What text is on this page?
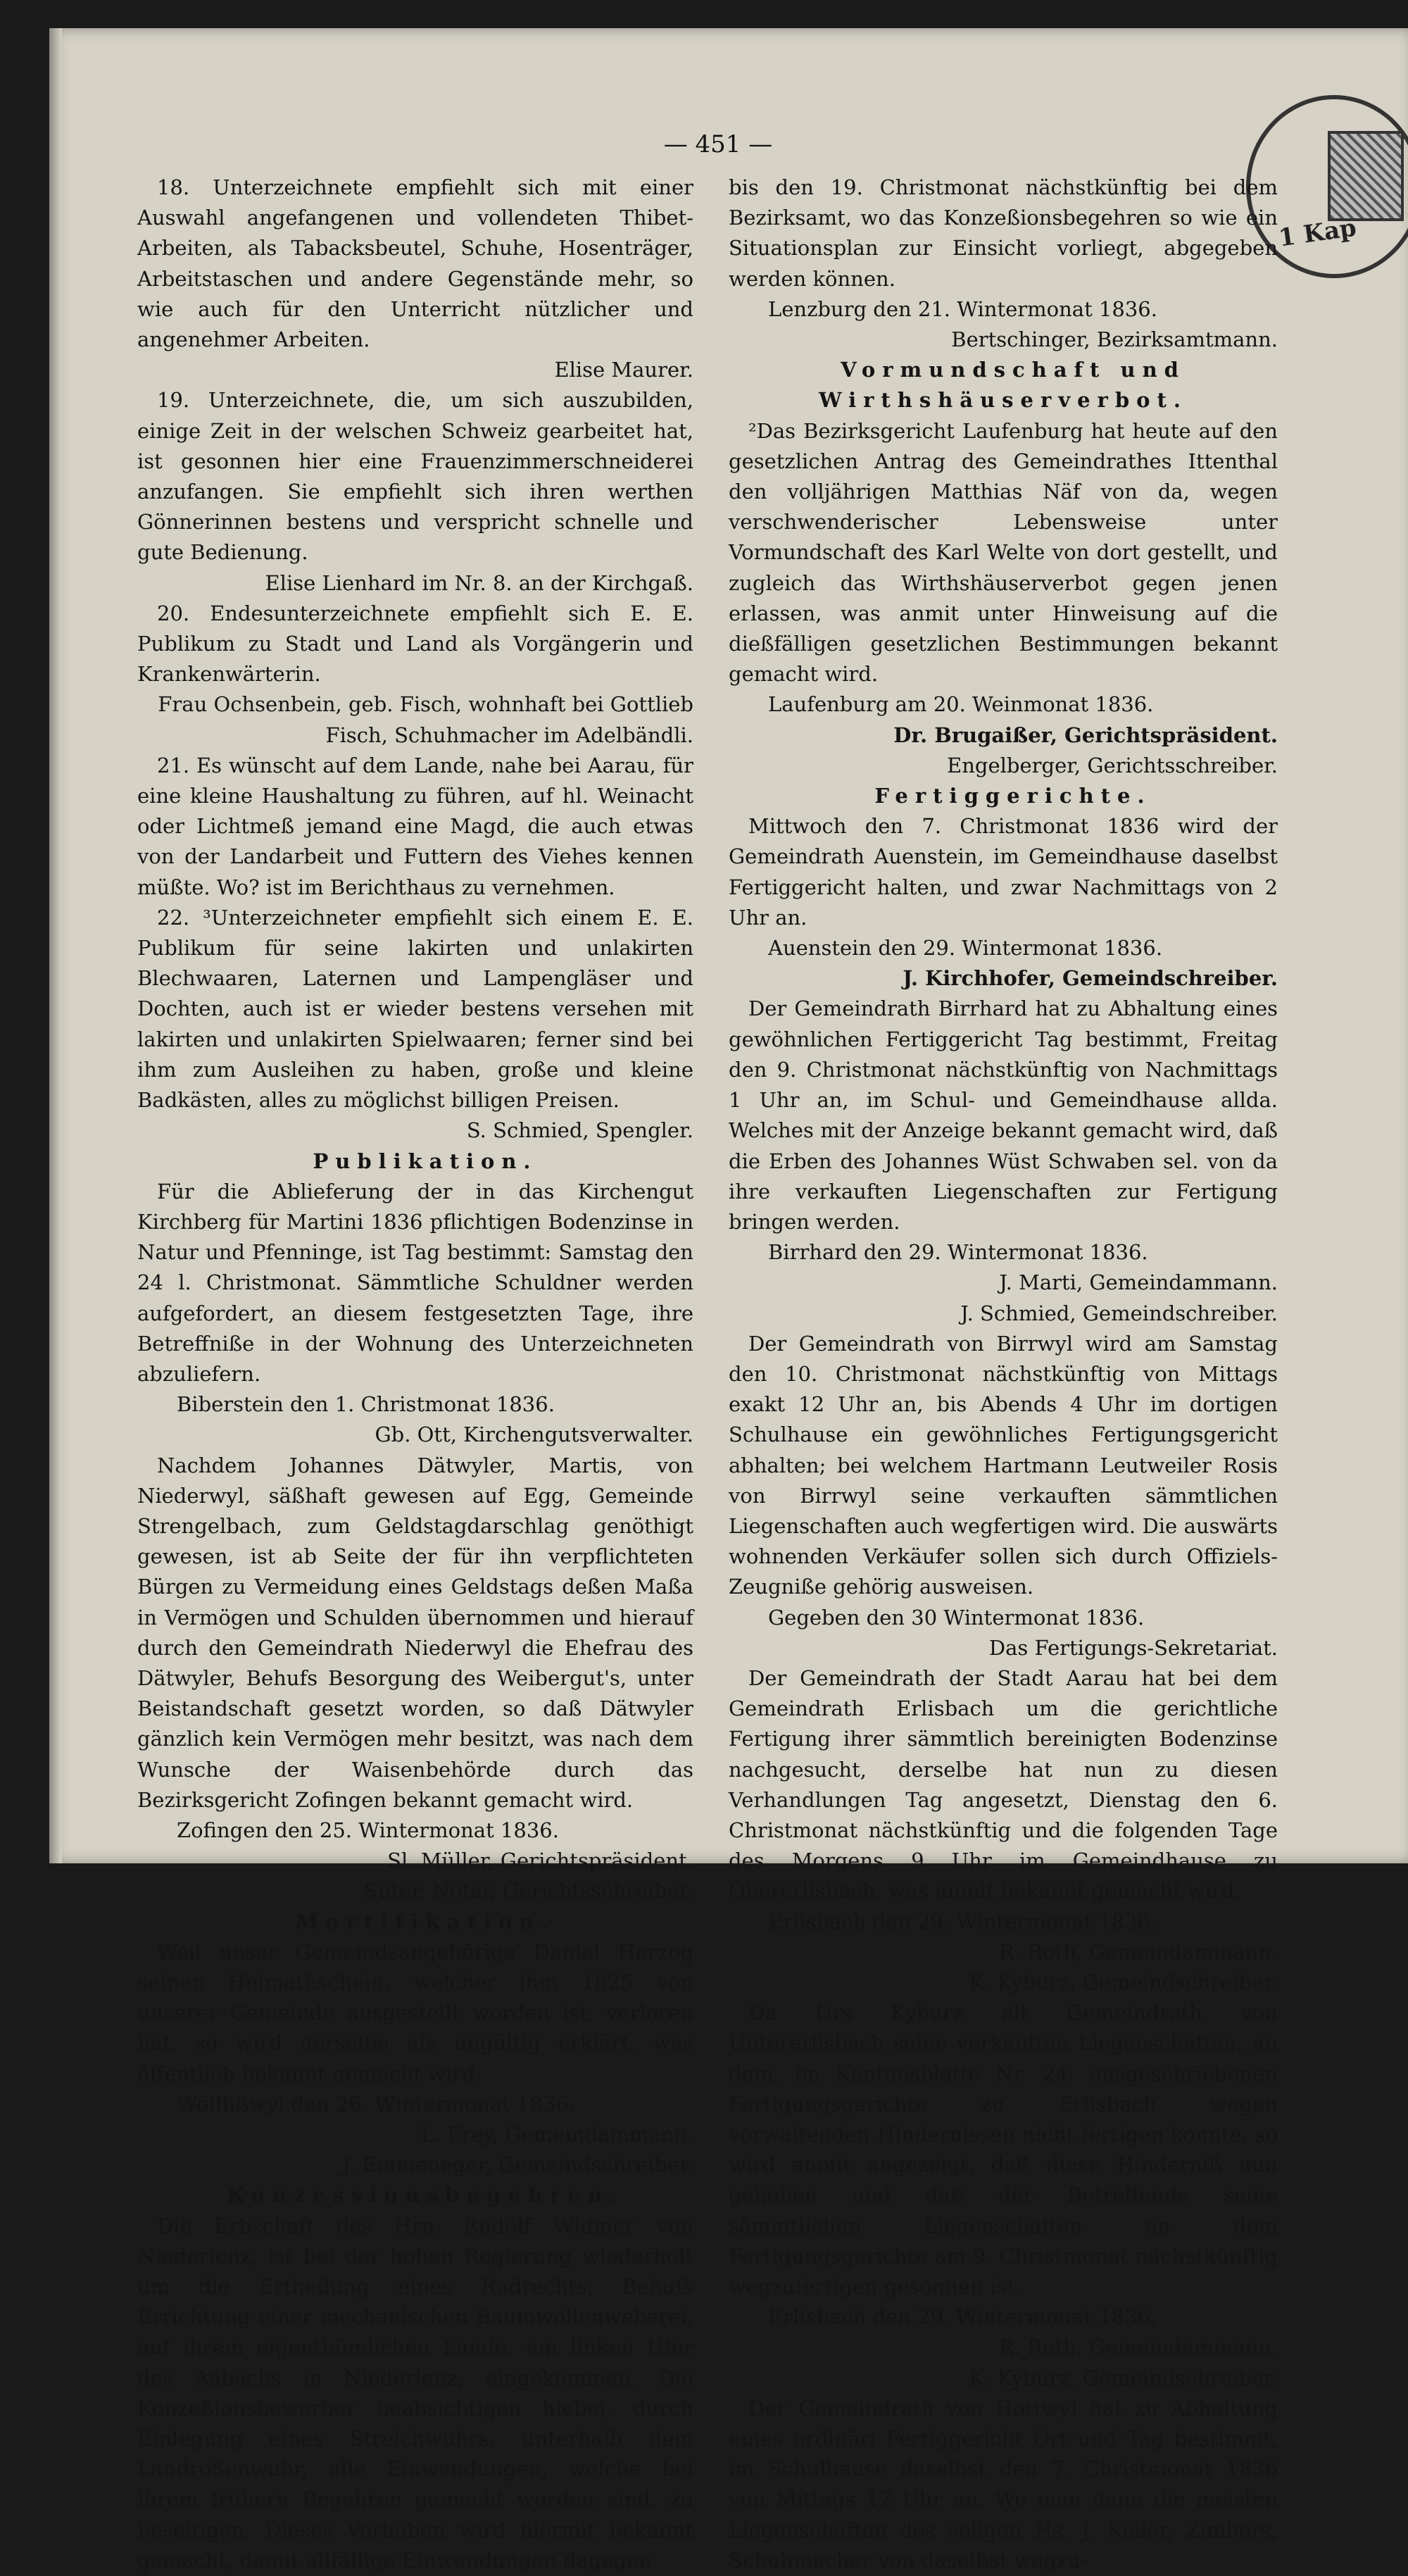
1 Kap
— 451 —

18. Unterzeichnete empfiehlt sich mit einer Auswahl angefangenen und vollendeten Thibet-Arbeiten, als Tabacksbeutel, Schuhe, Hosenträger, Arbeitstaschen und andere Gegenstände mehr, so wie auch für den Unterricht nützlicher und angenehmer Arbeiten.

Elise Maurer.

19. Unterzeichnete, die, um sich auszubilden, einige Zeit in der welschen Schweiz gearbeitet hat, ist gesonnen hier eine Frauenzimmerschneiderei anzufangen. Sie empfiehlt sich ihren werthen Gönnerinnen bestens und verspricht schnelle und gute Bedienung.

Elise Lienhard im Nr. 8. an der Kirchgaß.

20. Endesunterzeichnete empfiehlt sich E. E. Publikum zu Stadt und Land als Vorgängerin und Krankenwärterin.

Frau Ochsenbein, geb. Fisch, wohnhaft bei Gottlieb Fisch, Schuhmacher im Adelbändli.

21. Es wünscht auf dem Lande, nahe bei Aarau, für eine kleine Haushaltung zu führen, auf hl. Weinacht oder Lichtmeß jemand eine Magd, die auch etwas von der Landarbeit und Futtern des Viehes kennen müßte. Wo? ist im Berichthaus zu vernehmen.

22. ³Unterzeichneter empfiehlt sich einem E. E. Publikum für seine lakirten und unlakirten Blechwaaren, Laternen und Lampengläser und Dochten, auch ist er wieder bestens versehen mit lakirten und unlakirten Spielwaaren; ferner sind bei ihm zum Ausleihen zu haben, große und kleine Badkästen, alles zu möglichst billigen Preisen.

S. Schmied, Spengler.

Publikation.

Für die Ablieferung der in das Kirchengut Kirchberg für Martini 1836 pflichtigen Bodenzinse in Natur und Pfenninge, ist Tag bestimmt: Samstag den 24 l. Christmonat. Sämmtliche Schuldner werden aufgefordert, an diesem festgesetzten Tage, ihre Betreffniße in der Wohnung des Unterzeichneten abzuliefern.

Biberstein den 1. Christmonat 1836.

Gb. Ott, Kirchengutsverwalter.

Nachdem Johannes Dätwyler, Martis, von Niederwyl, säßhaft gewesen auf Egg, Gemeinde Strengelbach, zum Geldstagdarschlag genöthigt gewesen, ist ab Seite der für ihn verpflichteten Bürgen zu Vermeidung eines Geldstags deßen Maßa in Vermögen und Schulden übernommen und hierauf durch den Gemeindrath Niederwyl die Ehefrau des Dätwyler, Behufs Besorgung des Weibergut's, unter Beistandschaft gesetzt worden, so daß Dätwyler gänzlich kein Vermögen mehr besitzt, was nach dem Wunsche der Waisenbehörde durch das Bezirksgericht Zofingen bekannt gemacht wird.

Zofingen den 25. Wintermonat 1836.

Sl. Müller, Gerichtspräsident.

Suter, Notar, Gerichtsschreiber.

Mortifikation.

Weil unser Gemeindsangehörige Daniel Herzog seinen Heimathschein, welcher ihm 1825 von unserer Gemeinde ausgestellt worden ist, verloren hat, so wird derselbe als ungültig erklärt, was öffentlich bekannt gemacht wird.

Wölflißwyl den 26. Wintermonat 1836.

L. Frey, Gemeindammann.

J. Emmeneger, Gemeindschreiber.

Konzessionsbegehren.

Die Erbschaft des Hrn. Rudolf Widmer von Niederlenz, ist bei der hohen Regierung wiederholt um die Ertheilung eines Radrechts, Behufs Errichtung einer mechanischen Baumwollenweberei, auf ihrem eigenthümlichen Lande, am linken Ufer des Aabachs in Niederlenz, eingekommen. Die Konzeßionsbewerber beabsichtigen hiebei, durch Einlegung eines Streichwuhrs, unterhalb dem Landroßenwuhr, alle Einwendungen, welche bei ihrem frühern Begehren gemacht worden sind, zu beseitigen. Dieses Vorhaben wird hiermit bekannt gemacht, damit allfällige Einwendungen dagegen

bis den 19. Christmonat nächstkünftig bei dem Bezirksamt, wo das Konzeßionsbegehren so wie ein Situationsplan zur Einsicht vorliegt, abgegeben werden können.

Lenzburg den 21. Wintermonat 1836.

Bertschinger, Bezirksamtmann.

Vormundschaft und Wirthshäuserverbot.

²Das Bezirksgericht Laufenburg hat heute auf den gesetzlichen Antrag des Gemeindrathes Ittenthal den volljährigen Matthias Näf von da, wegen verschwenderischer Lebensweise unter Vormundschaft des Karl Welte von dort gestellt, und zugleich das Wirthshäuserverbot gegen jenen erlassen, was anmit unter Hinweisung auf die dießfälligen gesetzlichen Bestimmungen bekannt gemacht wird.

Laufenburg am 20. Weinmonat 1836.

Dr. Brugaißer, Gerichtspräsident.

Engelberger, Gerichtsschreiber.

Fertiggerichte.

Mittwoch den 7. Christmonat 1836 wird der Gemeindrath Auenstein, im Gemeindhause daselbst Fertiggericht halten, und zwar Nachmittags von 2 Uhr an.

Auenstein den 29. Wintermonat 1836.

J. Kirchhofer, Gemeindschreiber.

Der Gemeindrath Birrhard hat zu Abhaltung eines gewöhnlichen Fertiggericht Tag bestimmt, Freitag den 9. Christmonat nächstkünftig von Nachmittags 1 Uhr an, im Schul- und Gemeindhause allda. Welches mit der Anzeige bekannt gemacht wird, daß die Erben des Johannes Wüst Schwaben sel. von da ihre verkauften Liegenschaften zur Fertigung bringen werden.

Birrhard den 29. Wintermonat 1836.

J. Marti, Gemeindammann.

J. Schmied, Gemeindschreiber.

Der Gemeindrath von Birrwyl wird am Samstag den 10. Christmonat nächstkünftig von Mittags exakt 12 Uhr an, bis Abends 4 Uhr im dortigen Schulhause ein gewöhnliches Fertigungsgericht abhalten; bei welchem Hartmann Leutweiler Rosis von Birrwyl seine verkauften sämmtlichen Liegenschaften auch wegfertigen wird. Die auswärts wohnenden Verkäufer sollen sich durch Offiziels-Zeugniße gehörig ausweisen.

Gegeben den 30 Wintermonat 1836.

Das Fertigungs-Sekretariat.

Der Gemeindrath der Stadt Aarau hat bei dem Gemeindrath Erlisbach um die gerichtliche Fertigung ihrer sämmtlich bereinigten Bodenzinse nachgesucht, derselbe hat nun zu diesen Verhandlungen Tag angesetzt, Dienstag den 6. Christmonat nächstkünftig und die folgenden Tage des Morgens 9 Uhr im Gemeindhause zu Obererlisbach, was anmit bekannt gemacht wird.

Erlisbach den 29. Wintermonat 1836.

R. Roth, Gemeindammann.

K. Kyburz, Gemeindschreiber.

Da Urs Kyburz alt Gemeindrath von Untererlisbach seine verkauften Liegenschaften, an dem, im Kantonsblatte Nr. 24. ausgeschriebenen Fertigungsgerichte zu Erlisbach wegen vorwaltenden Hindernissen nicht fertigen konnte, so wird anmit angezeigt, daß diese Hinderniß nun gehoben und daß der Betreffende seine sämmtlichen Liegenschaften an dem Fertigungsgerichte am 9. Christmonat nächstkünftig wegzufertigen gesonnen ist.

Erlisbach den 29. Wintermonat 1836.

R. Roth, Gemeindammann.

K. Kyburz, Gemeindschreiber.

Der Gemeindrath von Hottwyl hat zu Abhaltung eines ordinäri Fertiggericht Ort und Tag bestimmt, im Schulhause daselbst den 7. Christmonat 1836 von Mittags 12 Uhr an. Wo man dann die meisten Liegenschaften des seligen Hs. J. Keller, Zimbers, Schuhmacher von daselbst wegzu-
